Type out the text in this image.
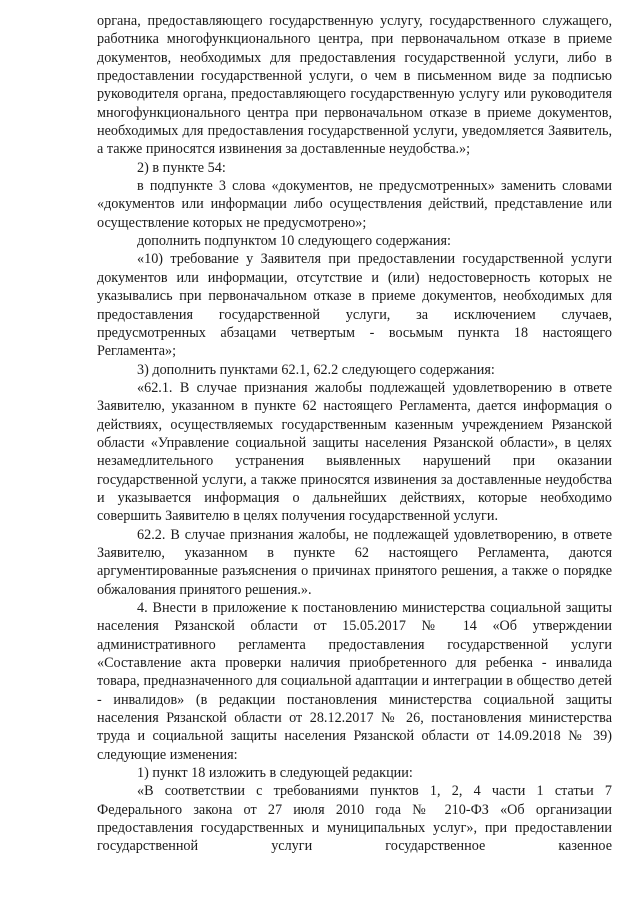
органа, предоставляющего государственную услугу, государственного служащего, работника многофункционального центра, при первоначальном отказе в приеме документов, необходимых для предоставления государственной услуги, либо в предоставлении государственной услуги, о чем в письменном виде за подписью руководителя органа, предоставляющего государственную услугу или руководителя многофункционального центра при первоначальном отказе в приеме документов, необходимых для предоставления государственной услуги, уведомляется Заявитель, а также приносятся извинения за доставленные неудобства.»;

2) в пункте 54:

в подпункте 3 слова «документов, не предусмотренных» заменить словами «документов или информации либо осуществления действий, представление или осуществление которых не предусмотрено»;

дополнить подпунктом 10 следующего содержания:

«10) требование у Заявителя при предоставлении государственной услуги документов или информации, отсутствие и (или) недостоверность которых не указывались при первоначальном отказе в приеме документов, необходимых для предоставления государственной услуги, за исключением случаев, предусмотренных абзацами четвертым - восьмым пункта 18 настоящего Регламента»;

3) дополнить пунктами 62.1, 62.2 следующего содержания:

«62.1. В случае признания жалобы подлежащей удовлетворению в ответе Заявителю, указанном в пункте 62 настоящего Регламента, дается информация о действиях, осуществляемых государственным казенным учреждением Рязанской области «Управление социальной защиты населения Рязанской области», в целях незамедлительного устранения выявленных нарушений при оказании государственной услуги, а также приносятся извинения за доставленные неудобства и указывается информация о дальнейших действиях, которые необходимо совершить Заявителю в целях получения государственной услуги.

62.2. В случае признания жалобы, не подлежащей удовлетворению, в ответе Заявителю, указанном в пункте 62 настоящего Регламента, даются аргументированные разъяснения о причинах принятого решения, а также о порядке обжалования принятого решения.».

4. Внести в приложение к постановлению министерства социальной защиты населения Рязанской области от 15.05.2017 № 14 «Об утверждении административного регламента предоставления государственной услуги «Составление акта проверки наличия приобретенного для ребенка - инвалида товара, предназначенного для социальной адаптации и интеграции в общество детей - инвалидов» (в редакции постановления министерства социальной защиты населения Рязанской области от 28.12.2017 № 26, постановления министерства труда и социальной защиты населения Рязанской области от 14.09.2018 № 39) следующие изменения:

1) пункт 18 изложить в следующей редакции:

«В соответствии с требованиями пунктов 1, 2, 4 части 1 статьи 7 Федерального закона от 27 июля 2010 года № 210-ФЗ «Об организации предоставления государственных и муниципальных услуг», при предоставлении государственной услуги государственное казенное
